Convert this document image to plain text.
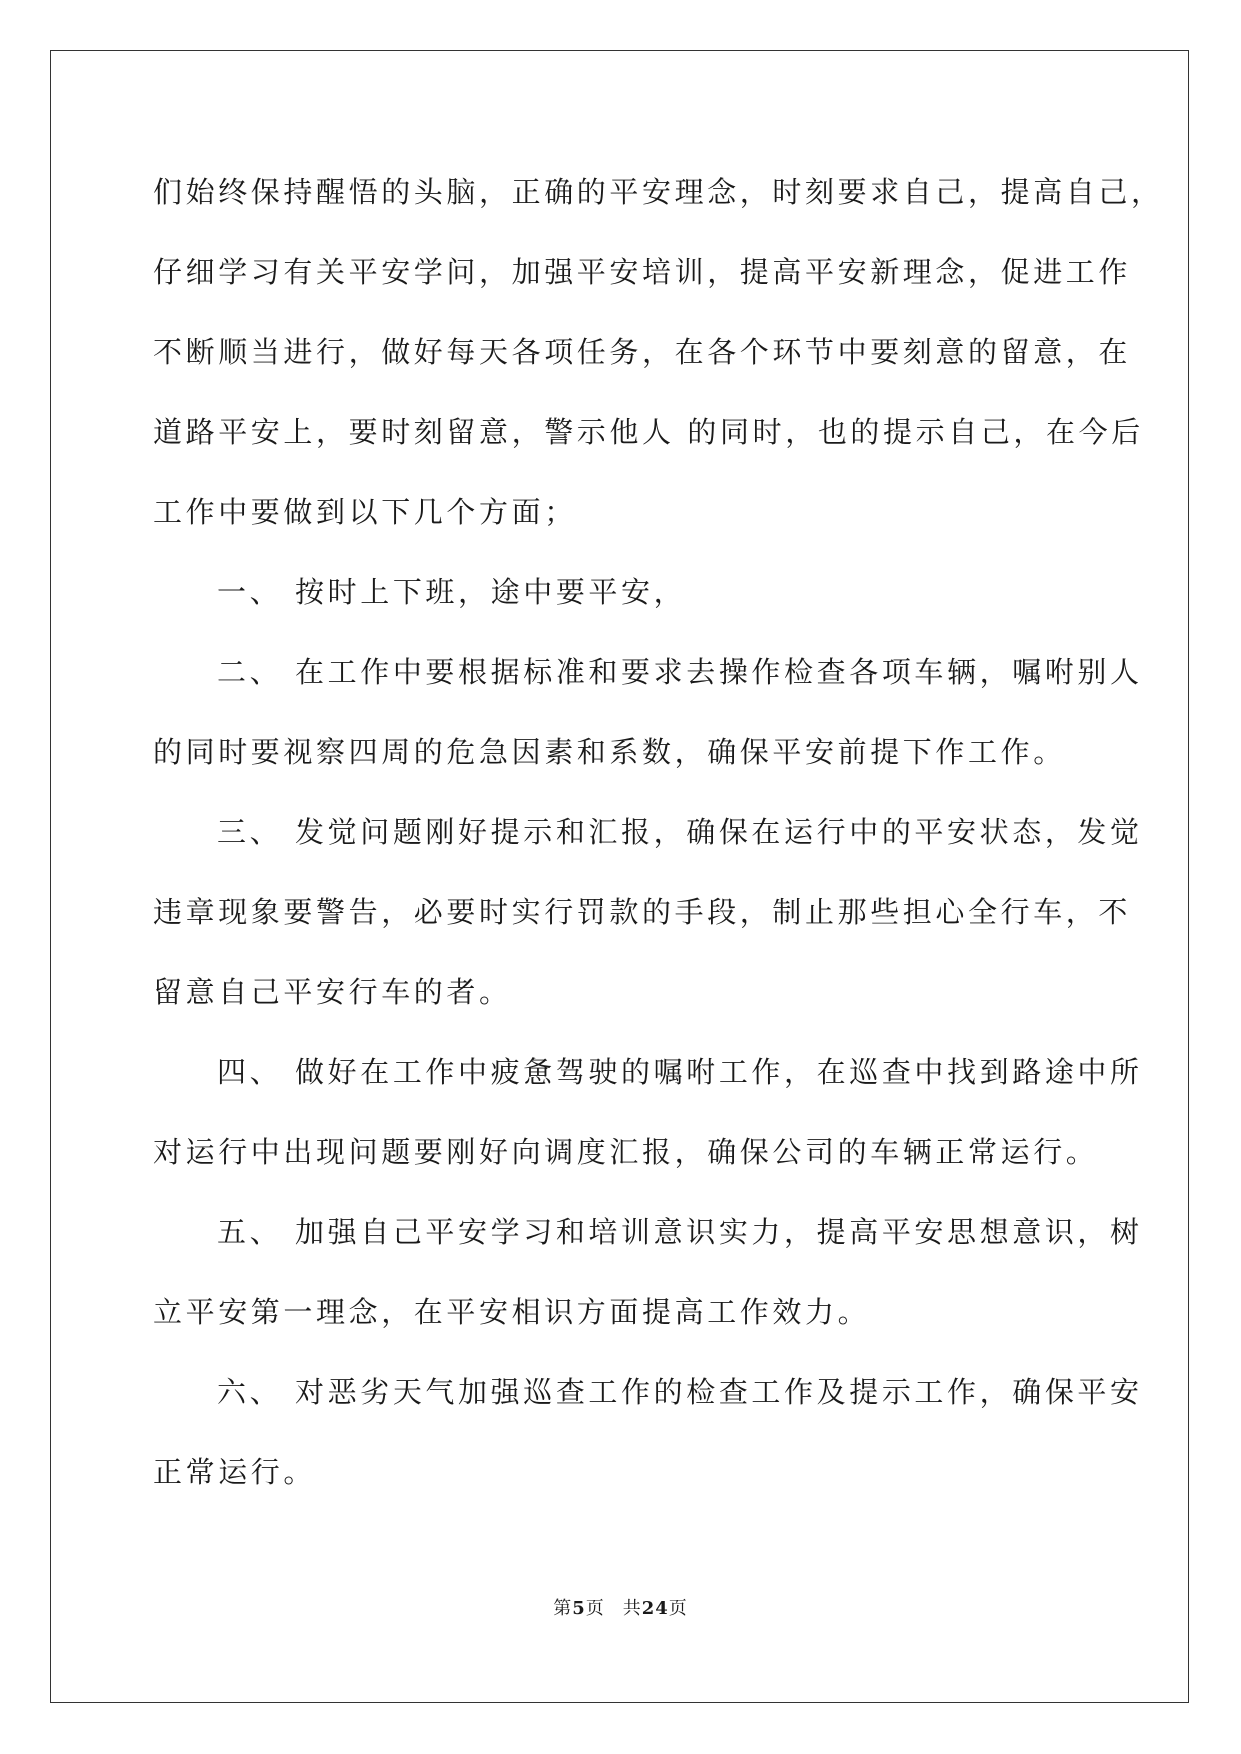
们始终保持醒悟的头脑，正确的平安理念，时刻要求自己，提高自己，

仔细学习有关平安学问，加强平安培训，提高平安新理念，促进工作

不断顺当进行，做好每天各项任务，在各个环节中要刻意的留意，在

道路平安上，要时刻留意，警示他人 的同时，也的提示自己，在今后

工作中要做到以下几个方面；

一、 按时上下班，途中要平安，

二、 在工作中要根据标准和要求去操作检查各项车辆，嘱咐别人

的同时要视察四周的危急因素和系数，确保平安前提下作工作。

三、 发觉问题刚好提示和汇报，确保在运行中的平安状态，发觉

违章现象要警告，必要时实行罚款的手段，制止那些担心全行车，不

留意自己平安行车的者。

四、 做好在工作中疲惫驾驶的嘱咐工作，在巡查中找到路途中所

对运行中出现问题要刚好向调度汇报，确保公司的车辆正常运行。

五、 加强自己平安学习和培训意识实力，提高平安思想意识，树

立平安第一理念，在平安相识方面提高工作效力。

六、 对恶劣天气加强巡查工作的检查工作及提示工作，确保平安

正常运行。

第5页 共24页
